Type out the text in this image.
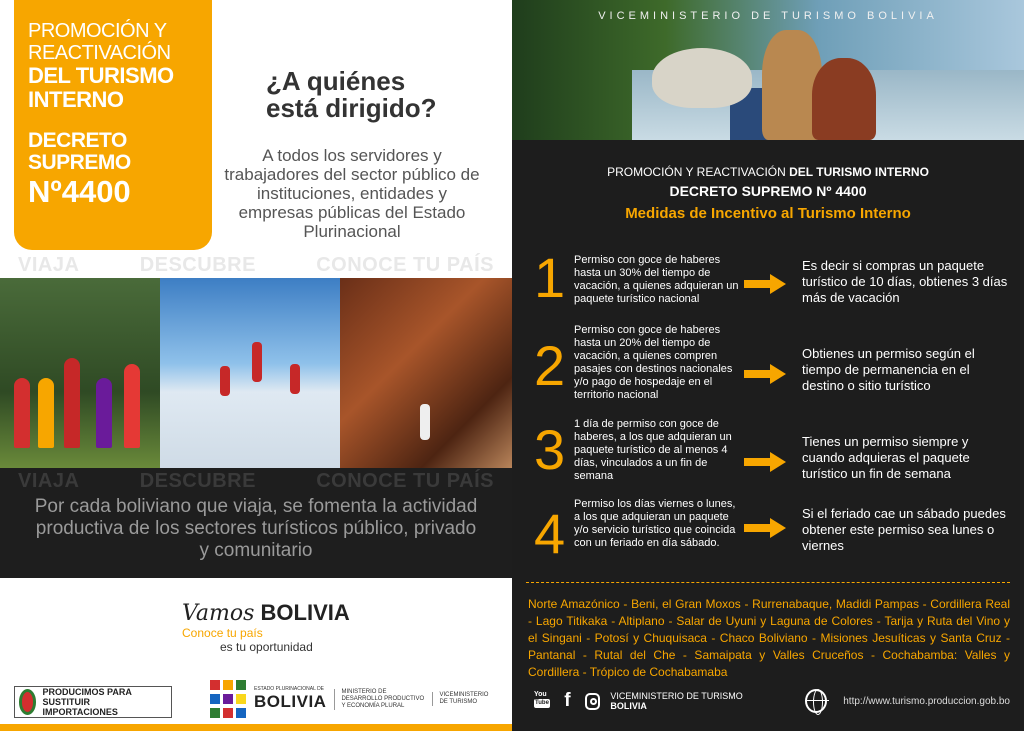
PROMOCIÓN Y
REACTIVACIÓN
DEL TURISMO
INTERNO
DECRETO
SUPREMO
Nº4400
¿A quiénes
está dirigido?
A todos los servidores y trabajadores del sector público de instituciones, entidades y empresas públicas del Estado Plurinacional
VIAJA	DESCUBRE	CONOCE TU PAÍS
VIAJA	DESCUBRE	CONOCE TU PAÍS
Por cada boliviano que viaja, se fomenta la actividad productiva de los sectores turísticos público, privado y comunitario
Vamos BOLIVIA
Conoce tu país
es tu oportunidad
PRODUCIMOS PARA SUSTITUIR IMPORTACIONES
ESTADO PLURINACIONAL DE
BOLIVIA
MINISTERIO DE DESARROLLO PRODUCTIVO Y ECONOMÍA PLURAL
VICEMINISTERIO DE TURISMO
VICEMINISTERIO DE TURISMO BOLIVIA
PROMOCIÓN Y REACTIVACIÓN DEL TURISMO INTERNO
DECRETO SUPREMO Nº 4400
Medidas de Incentivo al Turismo Interno
1 Permiso con goce de haberes hasta un 30% del tiempo de vacación, a quienes adquieran un paquete turístico nacional
Es decir si compras un paquete turístico de 10 días, obtienes 3 días más de vacación
2
Permiso con goce de haberes hasta un 20% del tiempo de vacación, a quienes compren pasajes con destinos nacionales y/o pago de hospedaje en el territorio nacional
Obtienes un permiso según el tiempo de permanencia en el destino o sitio turístico
3 1 día de permiso con goce de haberes, a los que adquieran un paquete turístico de al menos 4 días, vinculados a un fin de semana
Tienes un permiso siempre y cuando adquieras el paquete turístico un fin de semana
4 Permiso los días viernes o lunes, a los que adquieran un paquete y/o servicio turístico que coincida con un feriado en día sábado.
Si el feriado cae un sábado puedes obtener este permiso sea lunes o viernes
Norte Amazónico - Beni, el Gran Moxos - Rurrenabaque, Madidi Pampas - Cordillera Real - Lago Titikaka - Altiplano - Salar de Uyuni y Laguna de Colores - Tarija y Ruta del Vino y el Singani - Potosí y Chuquisaca - Chaco Boliviano - Misiones Jesuíticas y Santa Cruz - Pantanal - Rutal del Che - Samaipata y Valles Cruceños - Cochabamba: Valles y Cordillera - Trópico de Cochabamaba
You
Tube f	VICEMINISTERIO DE TURISMO BOLIVIA	http://www.turismo.produccion.gob.bo
